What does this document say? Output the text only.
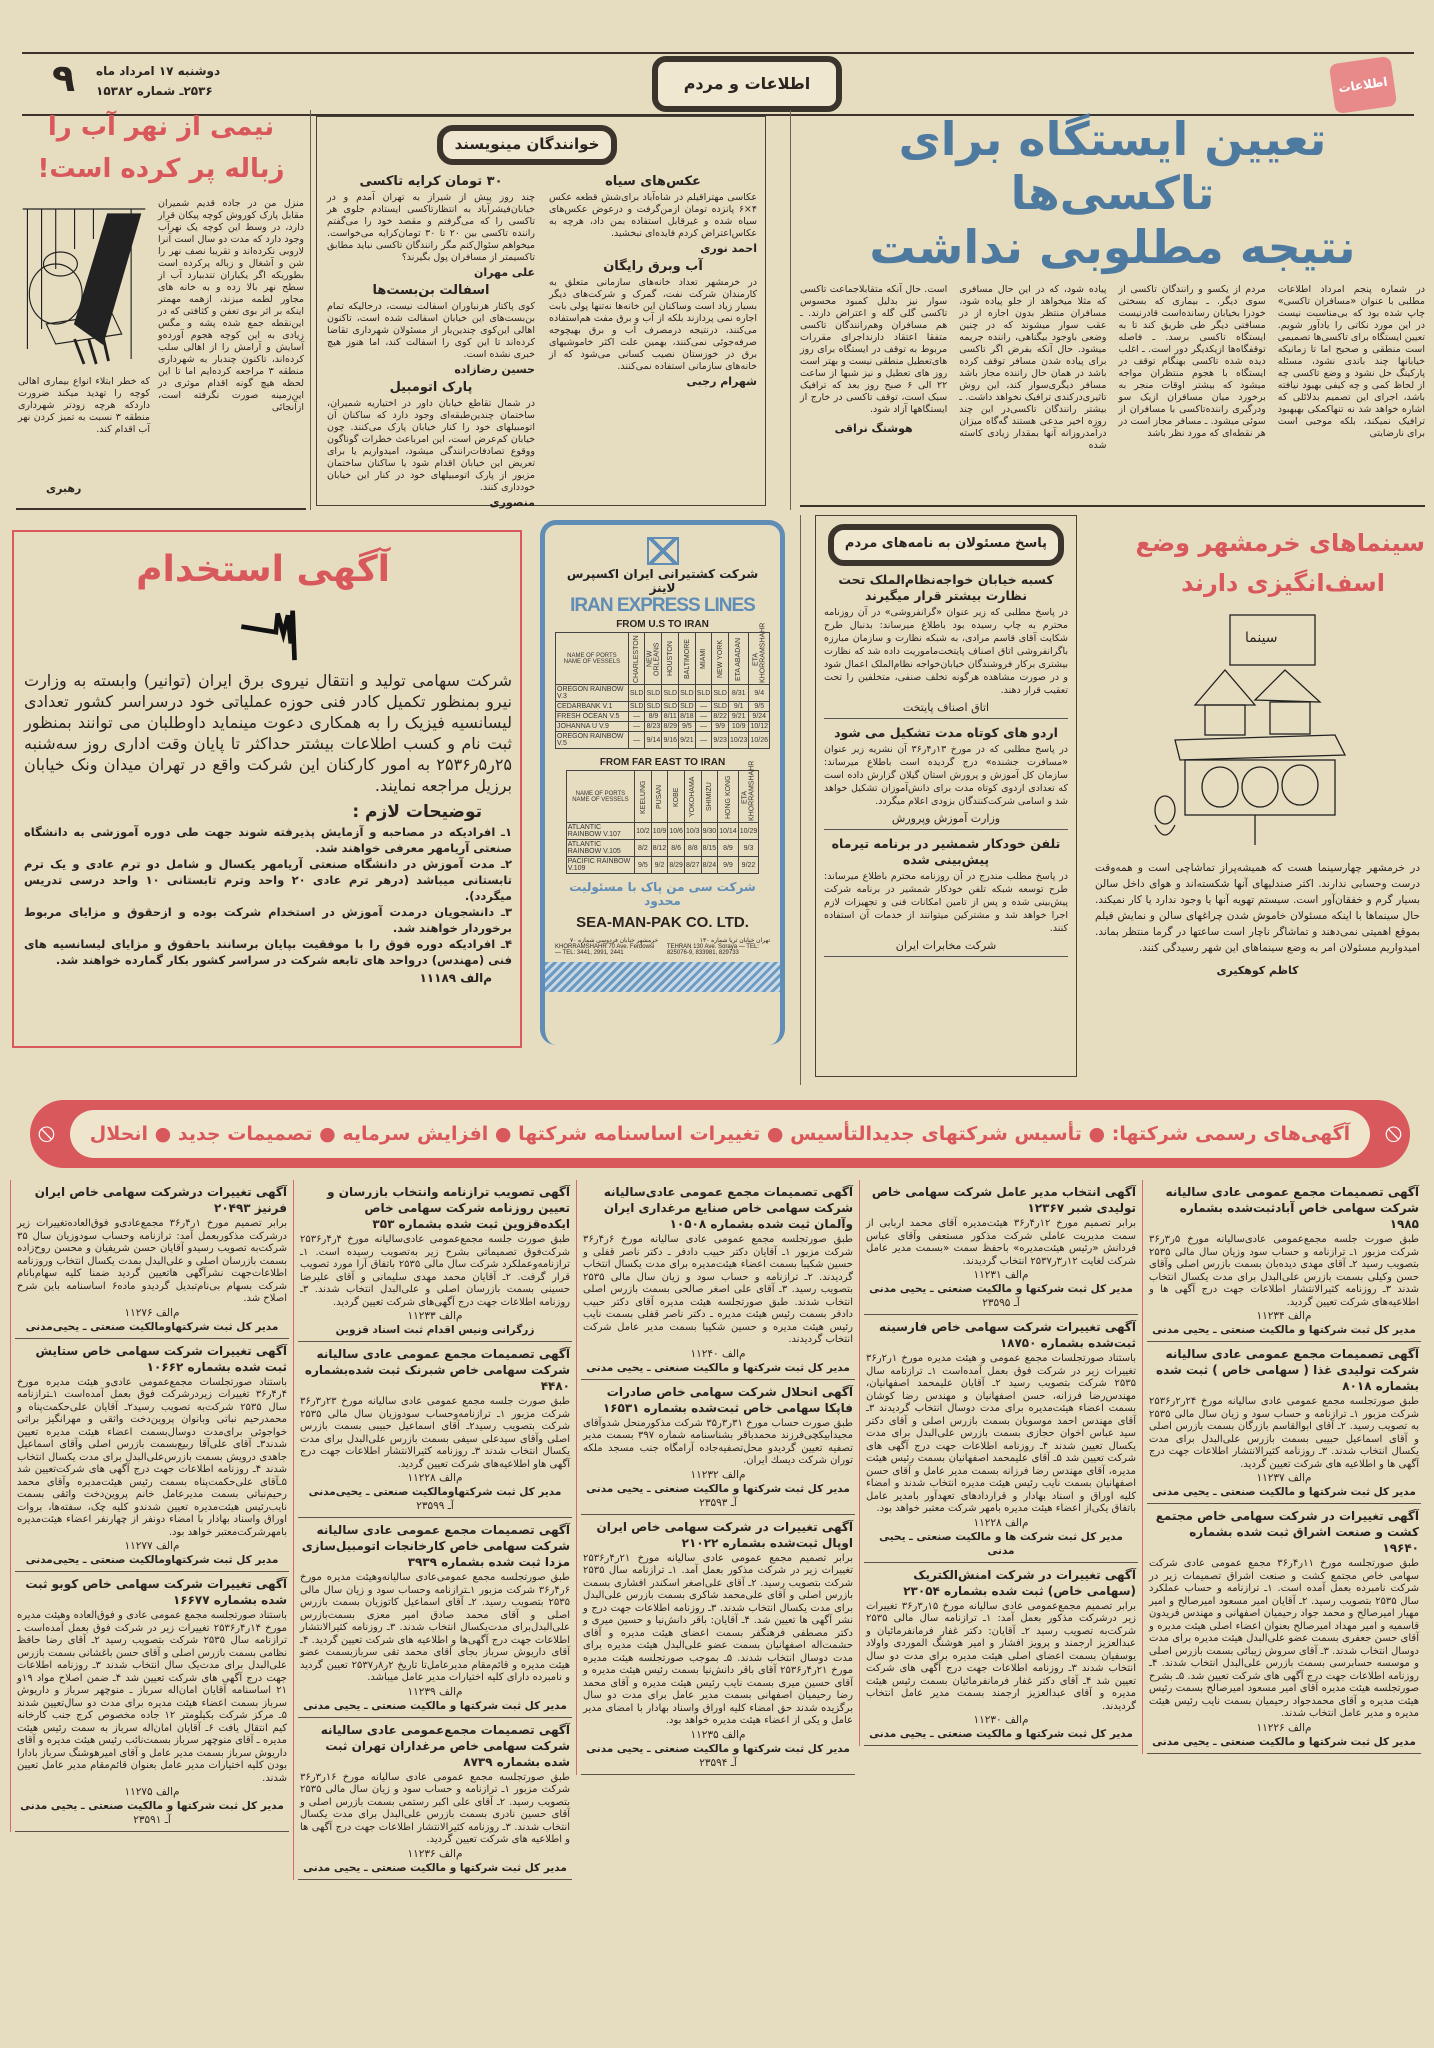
۹ دوشنبه ۱۷ امرداد ماه
۲۵۳۶ـ شماره ۱۵۳۸۲	اطلاعات و مردم	اطلاعات
تعیین ایستگاه برای تاکسی‌ها
نتیجه مطلوبی نداشت
در شماره پنجم امرداد اطلاعات مطلبی با عنوان «مسافران تاکسی» چاپ شده بود که بی‌مناسبت نیست در این مورد نکاتی را یادآور شویم. تعیین ایستگاه برای تاکسی‌ها تصمیمی است منطقی و صحیح اما تا زمانیکه خیابانها چند باندی نشود، مسئله پارکینگ حل نشود و وضع تاکسی چه از لحاظ کمی و چه کیفی بهبود نیافته باشد، اجرای این تصمیم بدلائلی که اشاره خواهد شد نه تنهاکمکی بهبهبود ترافیک نمیکند، بلکه موجبی است برای نارضایتی
مردم از یکسو و رانندگان تاکسی از سوی دیگر. ـ بیماری که بسختی خودرا بخیابان رسانده‌است قادرنیست مسافتی دیگر طی طریق کند تا به ایستگاه تاکسی برسد. ـ فاصله توقفگاه‌ها ازیکدیگر دور است. ـ اغلب دیده شده تاکسی بهنگام توقف در ایستگاه با هجوم منتظران مواجه میشود که بیشتر اوقات منجر به برخورد میان مسافران ازیک سو ودرگیری راننده‌تاکسی با مسافران از سوئی میشود. ـ مسافر مجاز است در هر نقطه‌ای که مورد نظر باشد
پیاده شود، که در این حال مسافری که مثلا میخواهد از جلو پیاده شود، مسافران منتظر بدون اجازه از در عقب سوار میشوند که در چنین وضعی باوجود بیگناهی، راننده جریمه میشود. حال آنکه بفرض اگر تاکسی برای پیاده شدن مسافر توقف کرده باشد در همان حال راننده مجاز باشد مسافر دیگری‌سوار کند، این روش تاثیری‌درکندی ترافیک نخواهد داشت. ـ بیشتر رانندگان تاکسی‌در این چند روزه اخیر مدعی هستند گه‌گاه میزان درآمدروزانه آنها بمقدار زیادی کاسته شده
است. حال آنکه متقابلاجماعت تاکسی سوار نیز بدلیل کمبود محسوس تاکسی گلی گله و اعتراض دارند. ـ هم مسافران وهم‌رانندگان تاکسی متفقا اعتقاد دارنداجرای مقررات مربوط به توقف در ایستگاه برای روز های‌تعطیل منطقی نیست و بهتر است روز های تعطیل و نیز شبها از ساعت ۲۲ الی ۶ صبح روز بعد که ترافیک سبک است، توقف تاکسی در خارج از ایستگاهها آزاد شود.
هوشنگ نراقی
خوانندگان مینویسند
عکس‌های سیاه
عکاسی مهتراقیلم در شاه‌آباد برای‌شش قطعه عکس ۴×۶ پانزده تومان ازمن‌گرفت و درعوض عکس‌های سیاه شده و غیرقابل استفاده بمن داد، هرچه به عکاس‌اعتراض کردم فایده‌ای نبخشید.
احمد نوری
آب وبرق رایگان
در خرمشهر تعداد خانه‌های سازمانی متعلق به کارمندان شرکت نفت، گمرک و شرکت‌های دیگر بسیار زیاد است وساکنان این خانه‌ها نه‌تنها پولی بابت اجاره نمی پردازند بلکه از آب و برق مفت هم‌استفاده می‌کنند، درنتیجه درمصرف آب و برق بهیچوجه صرفه‌جوئی نمی‌کنند، بهمین علت اکثر خاموشیهای برق در خوزستان نصیب کسانی می‌شود که از خانه‌های سازمانی استفاده نمی‌کنند.
شهرام رجبی
۳۰ تومان کرایه تاکسی
چند روز پیش از شیراز به تهران آمدم و در خیابان‌فیشرآباد به انتظارتاکسی ایستادم جلوی هر تاکسی را که می‌گرفتم و مقصد خود را می‌گفتم راننده تاکسی بین ۲۰ تا ۳۰ تومان‌کرایه می‌خواست. میخواهم سئوال‌کنم مگر رانندگان تاکسی نباید مطابق تاکسیمتر از مسافران پول بگیرند؟
علی مهران
اسفالت بن‌بست‌ها
کوی پاکتار هرنباوران اسفالت نیست، درحالیکه تمام بن‌بست‌های این خیابان اسفالت شده است، تاکنون اهالی این‌کوی چندین‌بار از مسئولان شهرداری تقاضا کرده‌اند تا این کوی را اسفالت کند، اما هنوز هیچ خبری نشده است.
حسین رضازاده
پارک اتومبیل
در شمال تقاطع خیابان داور در اختیاریه شمیران، ساختمان چندین‌طبقه‌ای وجود دارد که ساکنان آن اتومبیلهای خود را کنار خیابان پارک می‌کنند. چون خیابان کم‌عرض است، این امرباعث خطرات گوناگون ووقوع تصادفات‌رانندگی میشود، امیدواریم یا برای تعریض این خیابان اقدام شود یا ساکنان ساختمان مزبور از پارک اتومبیلهای خود در کنار این خیابان خودداری کنند.
منصوری
نیمی از نهر آب را
زباله پر کرده است!
منزل من در جاده قدیم شمیران مقابل پارک کوروش کوچه پیکان قرار دارد، در وسط این کوچه یک نهرآب وجود دارد که مدت دو سال است آنرا لاروبی نکرده‌اند و تقریبا نصف نهر را شن و آشغال و زباله پرکرده است بطوریکه اگر یکباران تندببارد آب از سطح نهر بالا زده و به خانه های مجاور لطمه میزند، ازهمه مهمتر اینکه بر اثر بوی تعفن و کثافتی که در این‌نقطه جمع شده پشه و مگس زیادی به این کوچه هجوم آورده‌و آسایش و آرامش را از اهالی سلب کرده‌اند، تاکنون چندبار به شهرداری منطقه ۳ مراجعه کرده‌ایم اما تا این لحظه هیچ گونه اقدام موثری در این‌زمینه صورت نگرفته است، ازآنجائی
که خطر ابتلاء انواع بیماری اهالی کوچه را تهدید میکند ضرورت داردکه هرچه زودتر شهرداری منطقه ۳ نسبت به تمیز کردن نهر آب اقدام کند.
رهبری
آگهی استخدام
شرکت سهامی تولید و انتقال نیروی برق ایران (توانیر) وابسته به وزارت نیرو بمنظور تکمیل کادر فنی حوزه عملیاتی خود درسراسر کشور تعدادی لیسانسیه فیزیک را به همکاری دعوت مینماید داوطلبان می توانند بمنظور ثبت نام و کسب اطلاعات بیشتر حداکثر تا پایان وقت اداری روز سه‌شنبه ۲۵ر۵ر۲۵۳۶ به امور کارکنان این شرکت واقع در تهران میدان ونک خیابان برزیل مراجعه نمایند.
توضیحات لازم :
۱ـ افرادیکه در مصاحبه و آزمایش پذیرفته شوند جهت طی دوره آموزشی به دانشگاه صنعتی آریامهر معرفی خواهند شد.
۲ـ مدت آموزش در دانشگاه صنعتی آریامهر یکسال و شامل دو ترم عادی و یک ترم تابستانی میباشد (درهر ترم عادی ۲۰ واحد وترم تابستانی ۱۰ واحد درسی تدریس میگردد).
۳ـ دانشجویان درمدت آموزش در استخدام شرکت بوده و ازحقوق و مزایای مربوط برخوردار خواهند شد.
۴ـ افرادیکه دوره فوق را با موفقیت بپایان برسانند باحقوق و مزایای لیسانسیه های فنی (مهندس) درواحد های تابعه شرکت در سراسر کشور بکار گمارده خواهند شد.
م‌الف ۱۱۱۸۹
شرکت کشتیرانی ایران اکسپرس لاینز
IRAN EXPRESS LINES
FROM U.S TO IRAN
NAME OF PORTS
NAME OF VESSELS	CHARLESTON	NEW ORLEANS	HOUSTON	BALTIMORE	MIAMI	NEW YORK	ETA ABADAN	ETA KHORRAMSHAHR
OREGON RAINBOW V.3	SLD	SLD	SLD	SLD	SLD	SLD	8/31	9/4
CEDARBANK V.1	SLD	SLD	SLD	SLD	—	SLD	9/1	9/5
FRESH OCEAN V.5	—	8/9	8/11	8/18	—	8/22	9/21	9/24
JOHANNA U V.9	—	8/23	8/29	9/5	—	9/9	10/9	10/12
OREGON RAINBOW V.5	—	9/14	9/16	9/21	—	9/23	10/23	10/26
FROM FAR EAST TO IRAN
NAME OF PORTS
NAME OF VESSELS	KEELUNG	PUSAN	KOBE	YOKOHAMA	SHIMIZU	HONG KONG	ETA KHORRAMSHAHR
ATLANTIC RAINBOW V.107	10/2	10/9	10/6	10/3	9/30	10/14	10/29
ATLANTIC RAINBOW V.105	8/2	8/12	8/6	8/8	8/15	8/9	9/3
PACIFIC RAINBOW V.109	9/5	9/2	8/29	8/27	8/24	9/9	9/22
شرکت سی من پاک با مسئولیت محدود
SEA-MAN-PAK CO. LTD.
خرمشهر خیابان فردوسی شماره ۷۰
KHORRAMSHAHR 70 Ave. Ferdowsi — TEL: 3441, 2991, 2441
تهران خیابان ثریا شماره ۱۳۰
TEHRAN 130 Ave. Soraya — TEL: 825076-9, 833981, 829733
پاسخ مسئولان به نامه‌های مردم
کسبه خیابان خواجه‌نظام‌الملک تحت نظارت بیشتر قرار میگیرند
در پاسخ مطلبی که زیر عنوان «گرانفروشی» در آن روزنامه محترم به چاپ رسیده بود باطلاع میرساند: بدنبال طرح شکایت آقای قاسم مرادی، به شبکه نظارت و سازمان مبارزه باگرانفروشی اتاق اصناف پایتخت‌ماموریت داده شد که نظارت بیشتری برکار فروشندگان خیابان‌خواجه نظام‌الملک اعمال شود و در صورت مشاهده هرگونه تخلف صنفی، متخلفین را تحت تعقیب قرار دهند.
اتاق اصناف پایتخت
اردو های کوتاه مدت تشکیل می شود
در پاسخ مطلبی که در مورخ ۱۳ر۴ر۳۶ آن نشریه زیر عنوان «مسافرت جشنده» درج گردیده است باطلاع میرساند: سازمان کل آموزش و پرورش استان گیلان گزارش داده است که تعدادی اردوی کوتاه مدت برای دانش‌آموزان تشکیل خواهد شد و اسامی شرکت‌کنندگان بزودی اعلام میگردد.
وزارت آموزش وپرورش
تلفن خودکار شمشیر در برنامه تیرماه پیش‌بینی شده
در پاسخ مطلب مندرج در آن روزنامه محترم باطلاع میرساند: طرح توسعه شبکه تلفن خودکار شمشیر در برنامه شرکت پیش‌بینی شده و پس از تامین امکانات فنی و تجهیزات لازم اجرا خواهد شد و مشترکین میتوانند از خدمات آن استفاده کنند.
شرکت مخابرات ایران
سینماهای خرمشهر وضع
اسف‌انگیزی دارند
سینما
در خرمشهر چهارسینما هست که همیشه‌پراز تماشاچی است و همه‌وقت درست وحسابی ندارند. اکثر صندلیهای آنها شکسته‌اند و هوای داخل سالن بسیار گرم و خفقان‌آور است. سیستم تهویه آنها یا وجود ندارد یا کار نمیکند. حال سینماها با اینکه مسئولان خاموش شدن چراغهای سالن و نمایش فیلم بموقع اهمیتی نمی‌دهند و تماشاگر ناچار است ساعتها در گرما منتظر بماند. امیدواریم مسئولان امر به وضع سینماهای این شهر رسیدگی کنند.
کاظم کوهکیری
⦸
⦸	آگهی‌های رسمی شرکتها: ● تأسیس شرکتهای جدیدالتأسیس ● تغییرات اساسنامه شرکتها ● افزایش سرمایه ● تصمیمات جدید ● انحلال
آگهی تصمیمات مجمع عمومی عادی سالیانه شرکت سهامی خاص آبادثبت‌شده بشماره ۱۹۸۵

طبق صورت جلسه مجمع‌عمومی عادی‌سالیانه مورخ ۵ر۳ر۳۶ شرکت مزبور ۱ـ ترازنامه و حساب سود وزیان سال مالی ۲۵۳۵ بتصویب رسید ۲ـ آقای مهدی دیده‌بان بسمت بازرس اصلی وآقای حسن وکیلی بسمت بازرس علی‌البدل برای مدت یکسال انتخاب شدند ۳ـ روزنامه کثیرالانتشار اطلاعات جهت درج آگهی ها و اطلاعیه‌های شرکت تعیین گردید.

م‌الف ۱۱۲۳۴
مدیر کل ثبت شرکتها و مالکیت صنعتی ـ یحیی مدنی
آگهی تصمیمات مجمع عمومی عادی سالیانه شرکت تولیدی غذا ( سهامی خاص ) ثبت شده بشماره ۸۰۱۸

طبق صورتجلسه مجمع عمومی عادی سالیانه مورخ ۲۴ر۲ر۲۵۳۶ شرکت مزبور ۱ـ ترازنامه و حساب سود و زیان سال مالی ۲۵۳۵ به تصویب رسید. ۲ـ آقای ابوالقاسم بازرگان بسمت بازرس اصلی و آقای اسماعیل حبیبی بسمت بازرس علی‌البدل برای مدت یکسال انتخاب شدند. ۳ـ روزنامه کثیرالانتشار اطلاعات جهت درج آگهی ها و اطلاعیه های شرکت تعیین گردید.

م‌الف ۱۱۲۳۷
مدیر کل ثبت شرکتها و مالکیت صنعتی ـ یحیی مدنی
آگهی تغییرات در شرکت سهامی خاص مجتمع کشت و صنعت اشراق ثبت شده بشماره ۱۹۶۴۰

طبق صورتجلسه مورخ ۱۱ر۴ر۳۶ مجمع عمومی عادی شرکت سهامی خاص مجتمع کشت و صنعت اشراق تصمیمات زیر در شرکت نامبرده بعمل آمده است. ۱ـ ترازنامه و حساب عملکرد سال ۲۵۳۵ بتصویب رسید. ۲ـ آقایان امیر مسعود امیرصالح و امیر مهیار امیرصالح و محمد جواد رحیمیان اصفهانی و مهندس فریدون قاسمیه و امیر مهداد امیرصالح بعنوان اعضاء اصلی هیئت مدیره و آقای حسن جعفری بسمت عضو علی‌البدل هیئت مدیره برای مدت دوسال انتخاب شدند. ۳ـ آقای سروش زیبائی بسمت بازرس اصلی و موسسه حسابرسی بسمت بازرس علی‌البدل انتخاب شدند. ۴ـ روزنامه اطلاعات جهت درج آگهی های شرکت تعیین شد. ۵ـ بشرح صورتجلسه هیئت مدیره آقای امیر مسعود امیرصالح بسمت رئیس هیئت مدیره و آقای محمدجواد رحیمیان بسمت نایب رئیس هیئت مدیره و مدیر عامل انتخاب شدند.

م‌الف ۱۱۲۲۶
مدیر کل ثبت شرکتها و مالکیت صنعتی ـ یحیی مدنی
آگهی انتخاب مدیر عامل شرکت سهامی خاص تولیدی شبر ۱۲۳۶۷

برابر تصمیم مورخ ۱۲ر۴ر۳۶ هیئت‌مدیره آقای محمد اربابی از سمت مدیریت عاملی شرکت مذکور مستعفی وآقای عباس فردانش «رئیس هیئت‌مدیره» باحفظ سمت «بسمت مدیر عامل شرکت لغایت ۱۲ر۳ر۲۵۳۷ انتخاب گردیدند.

م‌الف ۱۱۲۳۱
مدیر کل ثبت شرکتها و مالکیت صنعتی ـ یحیی مدنی
آـ ۲۳۵۹۵
آگهی تغییرات شرکت سهامی خاص فارسینه ثبت‌شده بشماره ۱۸۷۵۰

باستناد صورتجلسات مجمع عمومی و هیئت مدیره مورخ ۱ر۲ر۳۶ تغییرات زیر در شرکت فوق بعمل آمده‌است ۱ـ ترازنامه سال ۲۵۳۵ شرکت بتصویب رسید ۲ـ آقایان علیمحمد اصفهانیان، مهندس‌رضا فرزانه، حسن اصفهانیان و مهندس رضا کوشان بسمت اعضاء هیئت‌مدیره برای مدت دوسال انتخاب گردیدند ۳ـ آقای مهندس احمد موسویان بسمت بازرس اصلی و آقای دکتر سید عباس اخوان حجازی بسمت بازرس علی‌البدل برای مدت یکسال تعیین شدند ۴ـ روزنامه اطلاعات جهت درج آگهی های شرکت تعیین شد ۵ـ آقای علیمحمد اصفهانیان بسمت رئیس هیئت مدیره، آقای مهندس رضا فرزانه بسمت مدیر عامل و آقای حسن اصفهانیان بسمت نایب رئیس هیئت مدیره انتخاب شدند و امضاء کلیه اوراق و اسناد بهادار و قراردادهای تعهدآور بامدیر عامل باتفاق یکی‌از اعضاء هیئت مدیره بامهر شرکت معتبر خواهد بود.

م‌الف ۱۱۲۲۸
مدیر کل ثبت شرکت ها و مالکیت صنعتی ـ یحیی مدنی
آگهی تغییرات در شرکت امنش‌الکتریک (سهامی خاص) ثبت شده بشماره ۲۳۰۵۴

برابر تصمیم مجمع‌عمومی عادی سالیانه مورخ ۱۵ر۳ر۳۶ تغییرات زیر درشرکت مذکور بعمل آمد: ۱ـ ترازنامه سال مالی ۲۵۳۵ شرکت‌به تصویب رسید ۲ـ آقایان: دکتر غفار فرمانفرمائیان و عبدالعزیز ارجمند و پرویز افشار و امیر هوشنگ الموردی واولاد یوسفیان بسمت اعضای اصلی هیئت مدیره برای مدت دو سال انتخاب شدند ۳ـ روزنامه اطلاعات جهت درج آگهی های شرکت تعیین شد ۴ـ آقای دکتر غفار فرمانفرمائیان بسمت رئیس هیئت مدیره و آقای عبدالعزیز ارجمند بسمت مدیر عامل انتخاب گردیدند.

م‌الف ۱۱۲۳۰
مدیر کل ثبت شرکتها و مالکیت صنعتی ـ یحیی مدنی
آگهی تصمیمات مجمع عمومی عادی‌سالیانه شرکت سهامی خاص صنایع مرغداری ایران وآلمان ثبت شده بشماره ۱۰۵۰۸

طبق صورتجلسه مجمع عمومی عادی سالیانه مورخ ۶ر۴ر۳۶ شرکت مزبور ۱ـ آقایان دکتر حبیب دادفر ـ دکتر ناصر قفلی و حسین شکیبا بسمت اعضاء هیئت‌مدیره برای مدت یکسال انتخاب گردیدند. ۲ـ ترازنامه و حساب سود و زیان سال مالی ۲۵۳۵ بتصویب رسید. ۳ـ آقای علی اصغر صالحی بسمت بازرس اصلی انتخاب شدند. طبق صورتجلسه هیئت مدیره آقای دکتر حبیب دادفر بسمت رئیس هیئت مدیره ـ دکتر ناصر قفلی بسمت نایب رئیس هیئت مدیره و حسین شکیبا بسمت مدیر عامل شرکت انتخاب گردیدند.

م‌الف ۱۱۲۴۰
مدیر کل ثبت شرکتها و مالکیت صنعتی ـ یحیی مدنی
آگهی انحلال شرکت سهامی خاص صادرات فاپکا سهامی خاص ثبت‌شده بشماره ۱۶۵۳۱

طبق صورت حساب مورخ ۳۱ر۳ر۳۵ شرکت مذکورمنحل شدوآقای مجیدابیکچی‌فرزند محمدباقر بشناسنامه شماره ۳۹۷ بسمت مدیر تصفیه تعیین گردیدو محل‌تصفیه‌جاده آرامگاه جنب مسجد ملکه توران شرکت دیسك ایران.

م‌الف ۱۱۲۳۲
مدیر کل ثبت شرکتها و مالکیت صنعتی ـ یحیی مدنی
آـ ۲۳۵۹۳
آگهی تغییرات در شرکت سهامی خاص ایران اوپال ثبت‌شده بشماره ۲۱۰۲۲

برابر تصمیم مجمع عمومی عادی سالیانه مورخ ۲۱ر۴ر۲۵۳۶ تغییرات زیر در شرکت مذکور بعمل آمد. ۱ـ ترازنامه سال ۲۵۳۵ شرکت بتصویب رسید. ۲ـ آقای علی‌اصغر اسکندر افشاری بسمت بازرس اصلی و آقای علی‌محمد شاکری بسمت بازرس علی‌البدل برای مدت یکسال انتخاب شدند. ۳ـ روزنامه اطلاعات جهت درج و نشر آگهی ها تعیین شد. ۴ـ آقایان: باقر دانش‌نیا و حسین میری و دکتر مصطفی فرهنگفر بسمت اعضای هیئت مدیره و آقای حشمت‌اله اصفهانیان بسمت عضو علی‌البدل هیئت مدیره برای مدت دوسال انتخاب شدند. ۵ـ بموجب صورتجلسه هیئت مدیره مورخ ۲۱ر۴ر۲۵۳۶ آقای باقر دانش‌نیا بسمت رئیس هیئت مدیره و آقای حسین میری بسمت نایب رئیس هیئت مدیره و آقای محمد رضا رحیمیان اصفهانی بسمت مدیر عامل برای مدت دو سال برگزیده شدند حق امضاء کلیه اوراق واسناد بهادار با امضای مدیر عامل و یکی از اعضاء هیئت مدیره خواهد بود.

م‌الف ۱۱۲۳۵
مدیر کل ثبت شرکتها و مالکیت صنعتی ـ یحیی مدنی
آـ ۲۳۵۹۴
آگهی تصویب ترازنامه وانتخاب بازرسان و تعیین روزنامه شرکت سهامی خاص ایکده‌قزوین ثبت شده بشماره ۳۵۳

طبق صورت جلسه مجمع‌عمومی عادی‌سالیانه مورخ ۴ر۴ر۲۵۳۶ شرکت‌فوق تصمیماتی بشرح زیر به‌تصویب رسیده است. ۱ـ ترازنامه‌وعملکرد شرکت سال مالی ۲۵۳۵ باتفاق آرا مورد تصویب قرار گرفت. ۲ـ آقایان محمد مهدی سلیمانی و آقای علیرضا حسینی بسمت بازرسان اصلی و علی‌البدل انتخاب شدند. ۳ـ روزنامه اطلاعات جهت درج آگهی‌های شرکت تعیین گردید.

م‌الف ۱۱۲۳۳
زرگرانی ونیس اقدام ثبت اسناد قزوین
آگهی تصمیمات مجمع عمومی عادی سالیانه شرکت سهامی خاص شبرنک ثبت شده‌بشماره ۴۴۸۰

طبق صورت جلسه مجمع عمومی عادی سالیانه مورخ ۲۳ر۳ر۳۶ شرکت مزبور ۱ـ ترازنامه‌وحساب سودوزیان سال مالی ۲۵۳۵ شرکت بتصویب رسید۲ـ آقای اسماعیل حبیبی بسمت بازرس اصلی وآقای سیدعلی سیفی بسمت بازرس علی‌البدل برای مدت یکسال انتخاب شدند ۳ـ روزنامه کثیر‌الانتشار اطلاعات جهت درج آگهی هاو اطلاعیه‌های شرکت تعیین گردید.

م‌الف ۱۱۲۲۸
مدیر کل ثبت شرکتهاومالکیت صنعتی ـ یحیی‌مدنی
آـ ۲۳۵۹۹
آگهی تصمیمات مجمع عمومی عادی سالیانه شرکت سهامی خاص کارخانجات اتومبیل‌سازی مزدا ثبت شده بشماره ۳۹۳۹

طبق صورتجلسه مجمع عمومی‌عادی سالیانه‌وهیئت مدیره مورخ ۶ر۴ر۳۶ شرکت مزبور ۱ـترازنامه وحساب سود و زیان سال مالی ۲۵۳۵ بتصویب رسید. ۲ـ آقای اسماعیل کاتوزیان بسمت بازرس اصلی و آقای محمد صادق امیر معزی بسمت‌بازرس علی‌البدل‌برای مدت‌یکسال انتخاب شدند. ۳ـ روزنامه کثیرالانتشار اطلاعات جهت درج آگهی‌ها و اطلاعیه های شرکت تعیین گردید. ۴ـ آقای داریوش سرباز بجای آقای محمد تقی سربازبسمت عضو هیئت مدیره و قائم‌مقام مدیرعامل‌تا تاریخ ۲ر۸ر۲۵۳۷ تعیین گردید و نامبرده دارای کلیه اختیارات مدیر عامل میباشد.

م‌الف ۱۱۲۳۹
مدیر کل ثبت شرکتها و مالکیت صنعتی ـ یحیی مدنی
آگهی تصمیمات مجمع‌عمومی عادی سالیانه شرکت سهامی خاص مرغداران تهران ثبت شده بشماره ۸۷۳۹

طبق صورتجلسه مجمع عمومی عادی سالیانه مورخ ۱۶ر۳ر۳۶ شرکت مزبور ۱ـ ترازنامه و حساب سود و زیان سال مالی ۲۵۳۵ بتصویب رسید. ۲ـ آقای علی اکبر رستمی بسمت بازرس اصلی و آقای حسین نادری بسمت بازرس علی‌البدل برای مدت یکسال انتخاب شدند. ۳ـ روزنامه کثیرالانتشار اطلاعات جهت درج آگهی ها و اطلاعیه های شرکت تعیین گردید.

م‌الف ۱۱۲۳۶
مدیر کل ثبت شرکتها و مالکیت صنعتی ـ یحیی مدنی
آگهی تغییرات درشرکت سهامی خاص ایران فرنیز ۲۰۴۹۳

برابر تصمیم مورخ ۱ر۴ر۳۶ مجمع‌عادی‌و فوق‌العاده‌تغییرات زیر درشرکت مذکوربعمل آمد: ترازنامه وحساب سودوزیان سال ۳۵ شرکت‌به تصویب رسیدو آقایان حسن شریفیان و محسن روح‌زاده بسمت بازرسان اصلی و علی‌البدل بمدت یکسال انتخاب وروزنامه اطلاعات‌جهت نشرآگهی هاتعیین گردید ضمنا کلیه سهام‌بانام شرکت بسهام بی‌نام‌تبدیل گردیدو ماده۶ اساسنامه باین شرح اصلاح شد.

م‌الف ۱۱۲۷۶
مدیر کل ثبت شرکتهاومالکیت صنعتی ـ یحیی‌مدنی
آگهی تغییرات شرکت سهامی خاص ستایش ثبت شده بشماره ۱۰۶۶۲

باستناد صورتجلسات مجمع‌عمومی عادی‌و هیئت مدیره مورخ ۴ر۴ر۳۶ تغییرات زیردرشرکت فوق بعمل آمده‌است ۱ـترازنامه سال ۲۵۳۵ شرکت‌به تصویب رسید۲ـ آقایان علی‌حکمت‌پناه و محمدرحیم نباتی وبانوان پروین‌دخت واثقی و مهرانگیز براتی خواجوئی برای‌مدت دوسال‌بسمت اعضاء هیئت مدیره تعیین شدند۳ـ آقای علی‌آقا ربیع‌بسمت بازرس اصلی وآقای اسماعیل جاهدی درویش بسمت بازرس‌علی‌البدل برای مدت یکسال انتخاب شدند ۴ـ روزنامه اطلاعات جهت درج آگهی های شرکت‌تعیین شد ۵ـآقای علی‌حکمت‌پناه بسمت رئیس هیئت‌مدیره وآقای محمد رحیم‌نباتی بسمت مدیرعامل خانم پروین‌دخت واثقی بسمت نایب‌رئیس هیئت‌مدیره تعیین شدندو کلیه چک، سفته‌ها، بروات اوراق واسناد بهادار با امضاء دونفر از چهارنفر اعضاء هیئت‌مدیره بامهرشرکت‌معتبر خواهد بود.

م‌الف ۱۱۲۷۷
مدیر کل ثبت شرکتهاومالکیت صنعتی ـ یحیی‌مدنی
آگهی تغییرات شرکت سهامی خاص کوبو ثبت شده بشماره ۱۶۶۷۷

باستناد صورتجلسه مجمع عمومی عادی و فوق‌العاده وهیئت مدیره مورخ ۱۴ر۴ر۲۵۳۶ تغییرات زیر در شرکت فوق بعمل آمده‌است ـ ترازنامه سال ۲۵۳۵ شرکت بتصویب رسید ۲ـ آقای رضا حافظ نظامی بسمت بازرس اصلی و آقای حسن باغشانی بسمت بازرس علی‌البدل برای مدت‌یک سال انتخاب شدند ۳ـ روزنامه اطلاعات جهت درج آگهی های شرکت تعیین شد ۴ـ ضمن اصلاح مواد ۱۹و ۲۱ اساسنامه آقایان امان‌اله سرباز ـ منوچهر سرباز و داریوش سرباز بسمت اعضاء هیئت مدیره برای مدت دو سال‌تعیین شدند ۵ـ مرکز شرکت بکیلومتر ۱۲ جاده مخصوص کرج جنب کارخانه کیم انتقال یافت ۶ـ آقایان امان‌اله سرباز به سمت رئیس هیئت مدیره ـ آقای منوچهر سرباز بسمت‌نائب رئیس هیئت مدیره و آقای داریوش سرباز بسمت مدیر عامل و آقای امیرهوشنگ سرباز بادارا بودن کلیه اختیارات مدیر عامل بعنوان قائم‌مقام مدیر عامل تعیین شدند.

م‌الف ۱۱۲۷۵
مدیر کل ثبت شرکتها و مالکیت صنعتی ـ یحیی مدنی
آـ ۲۳۵۹۱
